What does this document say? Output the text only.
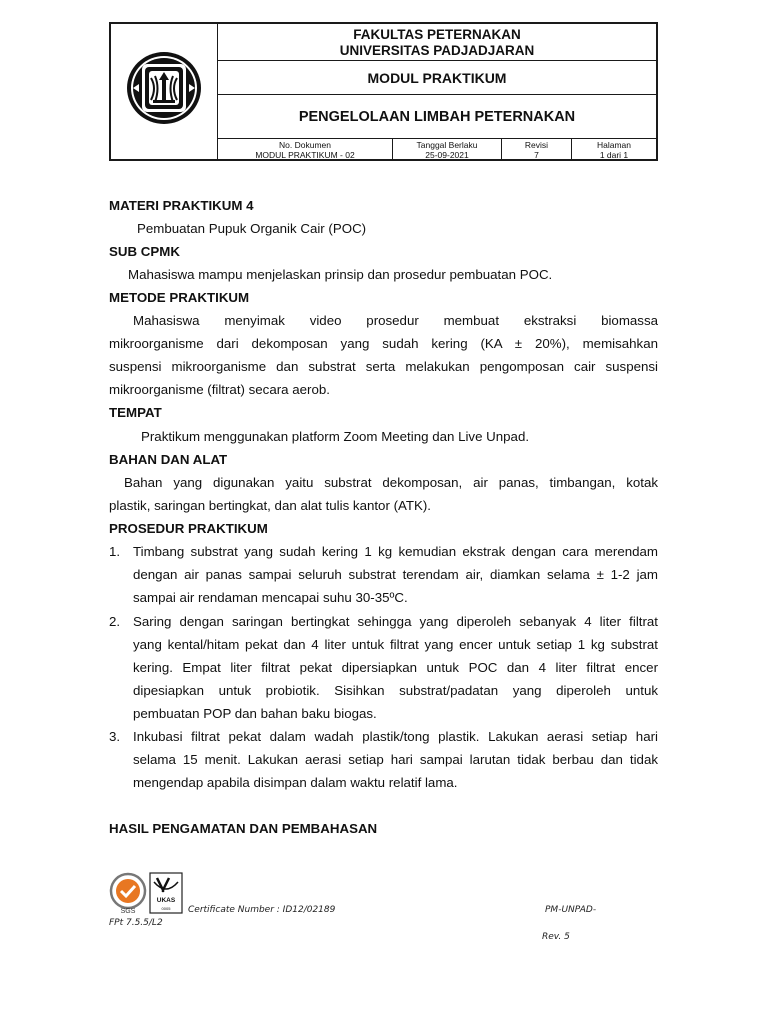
FAKULTAS PETERNAKAN
UNIVERSITAS PADJADJARAN
MODUL PRAKTIKUM
PENGELOLAAN LIMBAH PETERNAKAN
No. Dokumen
MODUL PRAKTIKUM - 02
Tanggal Berlaku
25-09-2021
Revisi
7
Halaman
1 dari 1
MATERI PRAKTIKUM 4
Pembuatan Pupuk Organik Cair (POC)
SUB CPMK
Mahasiswa mampu menjelaskan prinsip dan prosedur pembuatan POC.
METODE PRAKTIKUM
Mahasiswa menyimak video prosedur membuat ekstraksi biomassa
mikroorganisme dari dekomposan yang sudah kering (KA ± 20%), memisahkan
suspensi mikroorganisme dan substrat serta melakukan pengomposan cair suspensi
mikroorganisme (filtrat) secara aerob.
TEMPAT
Praktikum menggunakan platform Zoom Meeting dan Live Unpad.
BAHAN DAN ALAT
Bahan yang digunakan yaitu substrat dekomposan, air panas, timbangan, kotak
plastik, saringan bertingkat, dan alat tulis kantor (ATK).
PROSEDUR PRAKTIKUM
1. Timbang substrat yang sudah kering 1 kg kemudian ekstrak dengan cara merendam
dengan air panas sampai seluruh substrat terendam air, diamkan selama ± 1-2 jam
sampai air rendaman mencapai suhu 30-35ºC.
2. Saring dengan saringan bertingkat sehingga yang diperoleh sebanyak 4 liter filtrat
yang kental/hitam pekat dan 4 liter untuk filtrat yang encer untuk setiap 1 kg substrat
kering. Empat liter filtrat pekat dipersiapkan untuk POC dan 4 liter filtrat encer
dipesiapkan untuk probiotik. Sisihkan substrat/padatan yang diperoleh untuk
pembuatan POP dan bahan baku biogas.
3. Inkubasi filtrat pekat dalam wadah plastik/tong plastik. Lakukan aerasi setiap hari
selama 15 menit. Lakukan aerasi setiap hari sampai larutan tidak berbau dan tidak
mengendap apabila disimpan dalam waktu relatif lama.
HASIL PENGAMATAN DAN PEMBAHASAN
SGS
UKAS
0005 Certificate Number : ID12/02189	PM-UNPAD-
FPt 7.5.5/L2
Rev. 5
